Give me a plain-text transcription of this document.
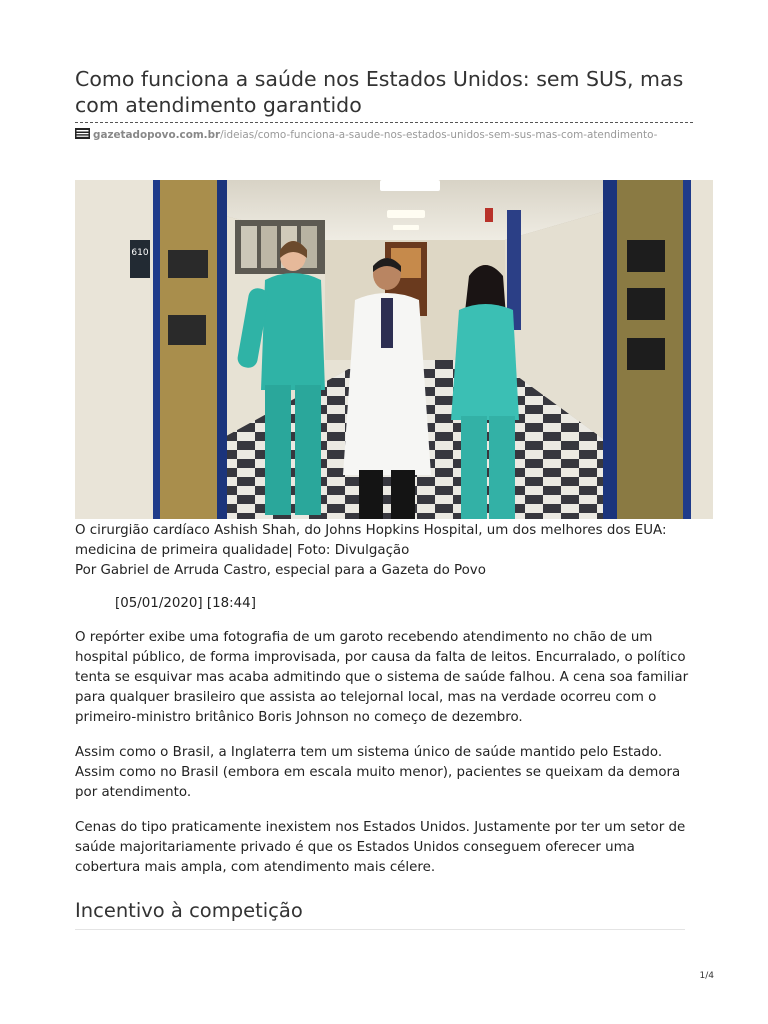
Como funciona a saúde nos Estados Unidos: sem SUS, mas com atendimento garantido
gazetadopovo.com.br/ideias/como-funciona-a-saude-nos-estados-unidos-sem-sus-mas-com-atendimento-
610

O cirurgião cardíaco Ashish Shah, do Johns Hopkins Hospital, um dos melhores dos EUA: medicina de primeira qualidade| Foto: Divulgação

Por Gabriel de Arruda Castro, especial para a Gazeta do Povo

[05/01/2020] [18:44]

O repórter exibe uma fotografia de um garoto recebendo atendimento no chão de um hospital público, de forma improvisada, por causa da falta de leitos. Encurralado, o político tenta se esquivar mas acaba admitindo que o sistema de saúde falhou. A cena soa familiar para qualquer brasileiro que assista ao telejornal local, mas na verdade ocorreu com o primeiro-ministro britânico Boris Johnson no começo de dezembro.

Assim como o Brasil, a Inglaterra tem um sistema único de saúde mantido pelo Estado. Assim como no Brasil (embora em escala muito menor), pacientes se queixam da demora por atendimento.

Cenas do tipo praticamente inexistem nos Estados Unidos. Justamente por ter um setor de saúde majoritariamente privado é que os Estados Unidos conseguem oferecer uma cobertura mais ampla, com atendimento mais célere.

Incentivo à competição
1/4
